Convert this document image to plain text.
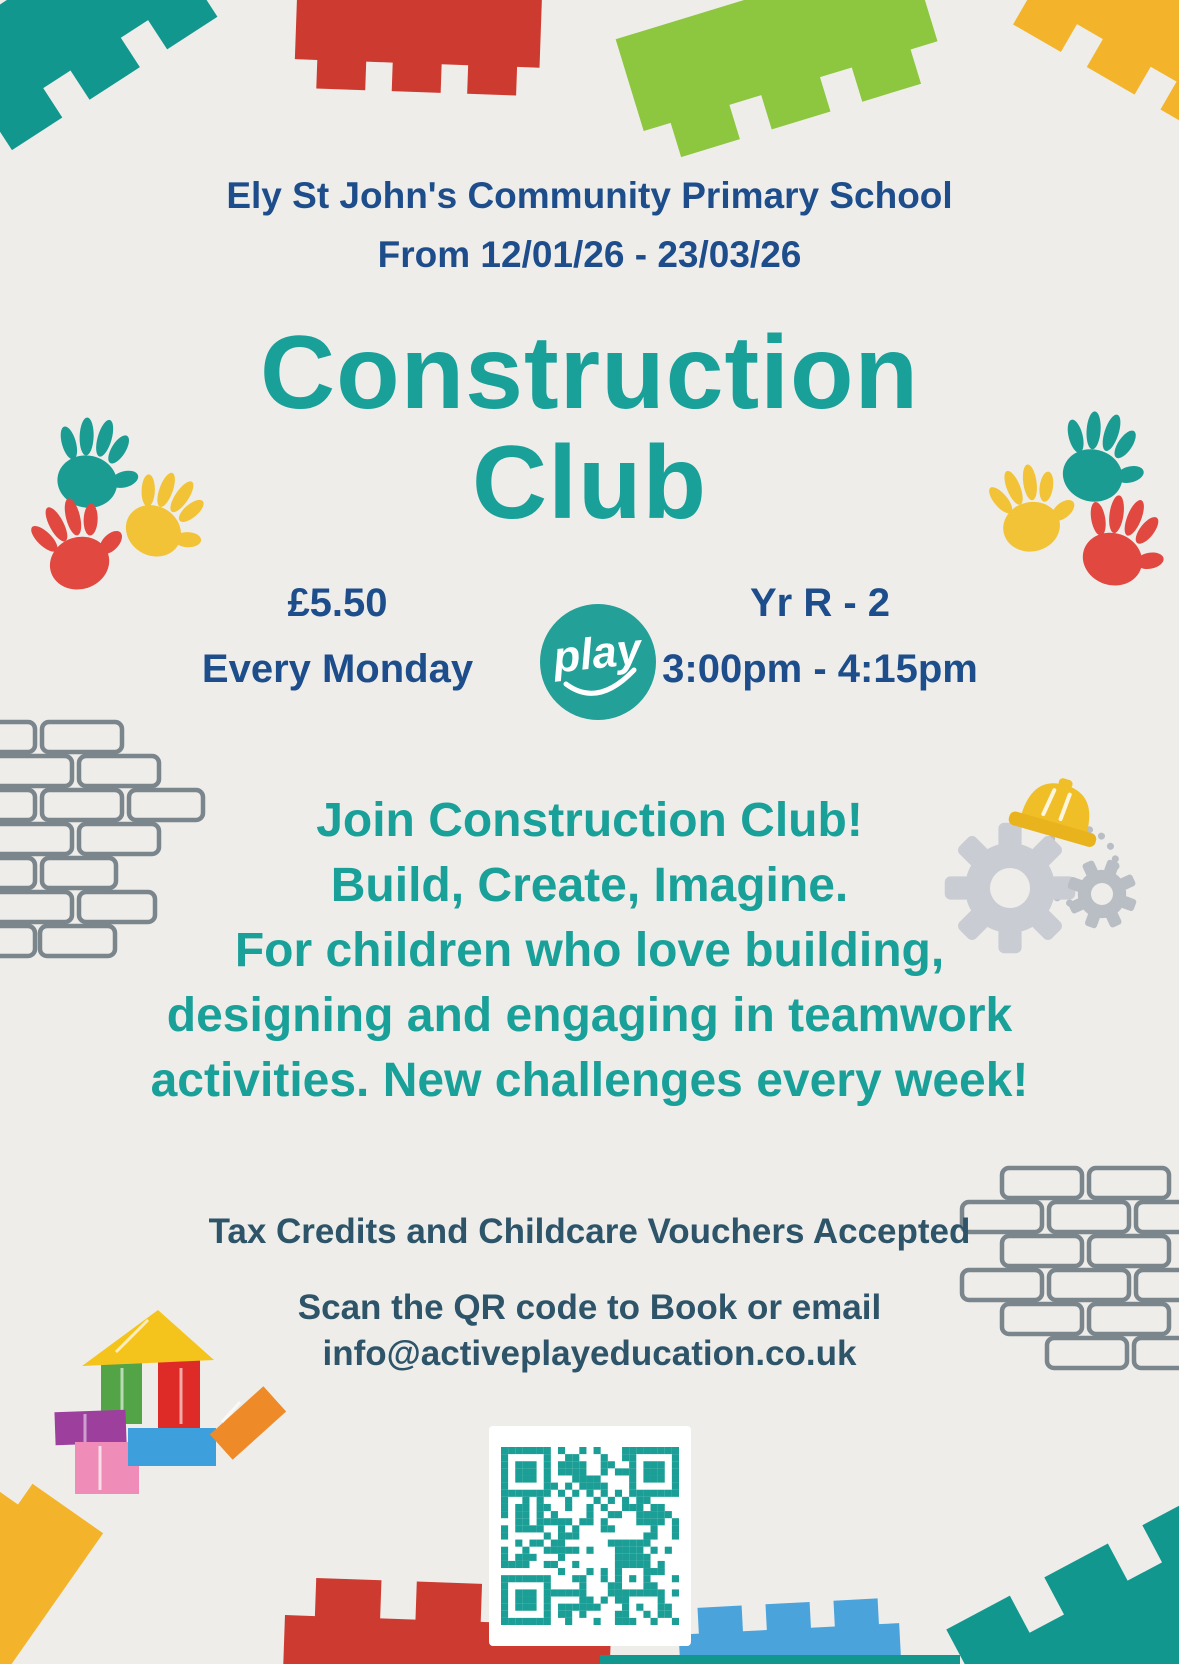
Ely St John's Community Primary School
From 12/01/26 - 23/03/26
Construction
Club
£5.50
Every Monday
Yr R - 2
3:00pm - 4:15pm
play
Join Construction Club!
Build, Create, Imagine.
For children who love building,
designing and engaging in teamwork
activities. New challenges every week!
Tax Credits and Childcare Vouchers Accepted
Scan the QR code to Book or email
info@activeplayeducation.co.uk
